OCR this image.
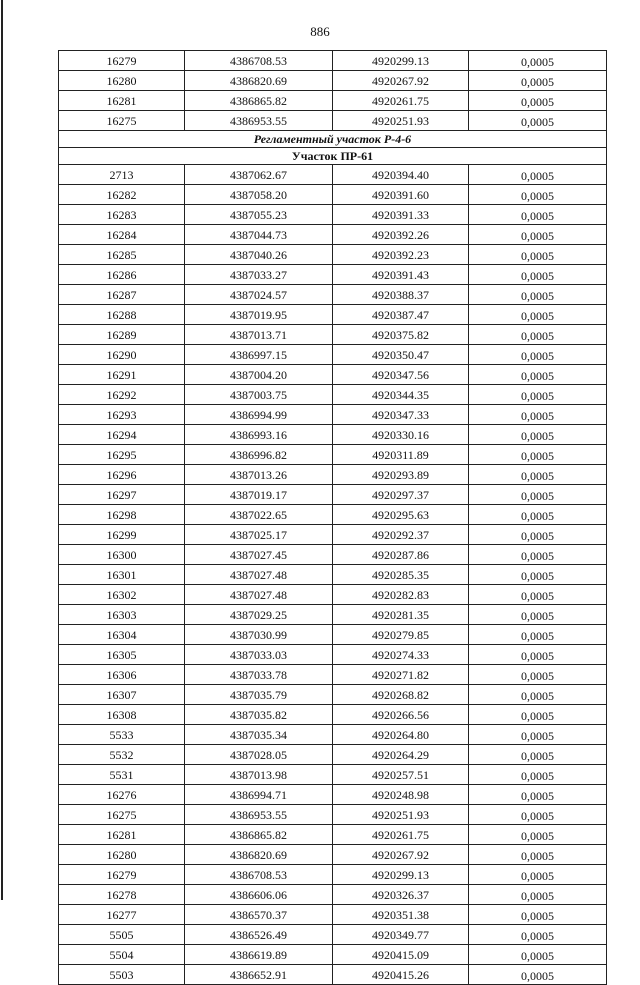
886
16279	4386708.53	4920299.13	0,0005
16280	4386820.69	4920267.92	0,0005
16281	4386865.82	4920261.75	0,0005
16275	4386953.55	4920251.93	0,0005
Регламентный участок Р-4-6			
Участок ПР-61			
2713	4387062.67	4920394.40	0,0005
16282	4387058.20	4920391.60	0,0005
16283	4387055.23	4920391.33	0,0005
16284	4387044.73	4920392.26	0,0005
16285	4387040.26	4920392.23	0,0005
16286	4387033.27	4920391.43	0,0005
16287	4387024.57	4920388.37	0,0005
16288	4387019.95	4920387.47	0,0005
16289	4387013.71	4920375.82	0,0005
16290	4386997.15	4920350.47	0,0005
16291	4387004.20	4920347.56	0,0005
16292	4387003.75	4920344.35	0,0005
16293	4386994.99	4920347.33	0,0005
16294	4386993.16	4920330.16	0,0005
16295	4386996.82	4920311.89	0,0005
16296	4387013.26	4920293.89	0,0005
16297	4387019.17	4920297.37	0,0005
16298	4387022.65	4920295.63	0,0005
16299	4387025.17	4920292.37	0,0005
16300	4387027.45	4920287.86	0,0005
16301	4387027.48	4920285.35	0,0005
16302	4387027.48	4920282.83	0,0005
16303	4387029.25	4920281.35	0,0005
16304	4387030.99	4920279.85	0,0005
16305	4387033.03	4920274.33	0,0005
16306	4387033.78	4920271.82	0,0005
16307	4387035.79	4920268.82	0,0005
16308	4387035.82	4920266.56	0,0005
5533	4387035.34	4920264.80	0,0005
5532	4387028.05	4920264.29	0,0005
5531	4387013.98	4920257.51	0,0005
16276	4386994.71	4920248.98	0,0005
16275	4386953.55	4920251.93	0,0005
16281	4386865.82	4920261.75	0,0005
16280	4386820.69	4920267.92	0,0005
16279	4386708.53	4920299.13	0,0005
16278	4386606.06	4920326.37	0,0005
16277	4386570.37	4920351.38	0,0005
5505	4386526.49	4920349.77	0,0005
5504	4386619.89	4920415.09	0,0005
5503	4386652.91	4920415.26	0,0005
